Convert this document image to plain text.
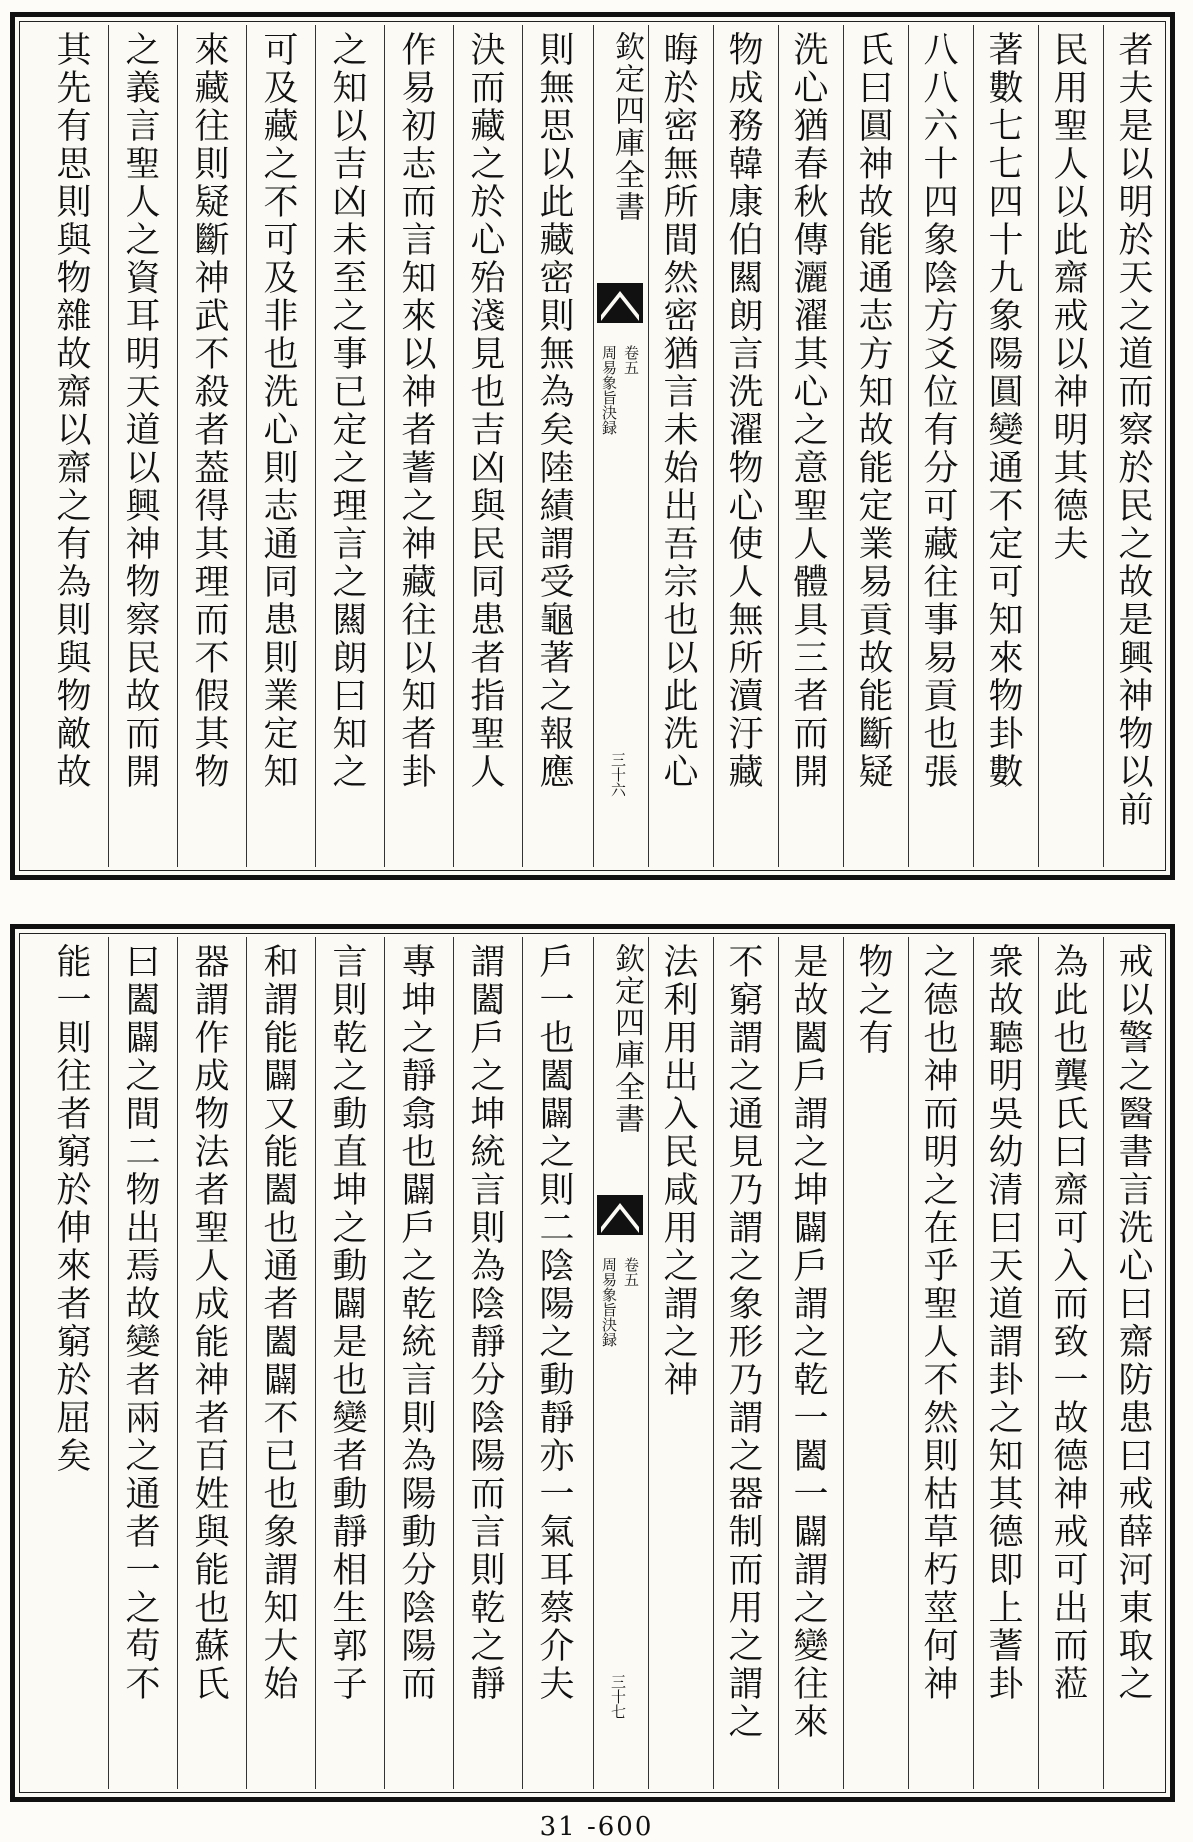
者夫是以明於天之道而察於民之故是興神物以前
民用聖人以此齋戒以神明其德夫
著數七七四十九象陽圓變通不定可知來物卦數
八八六十四象陰方爻位有分可藏往事易貢也張
氏曰圓神故能通志方知故能定業易貢故能斷疑
洗心猶春秋傳灑濯其心之意聖人體具三者而開
物成務韓康伯闗朗言洗濯物心使人無所瀆汙藏
晦於密無所間然密猶言未始出吾宗也以此洗心
欽定四庫全書
周易象旨決録 卷五
三十六
則無思以此藏密則無為矣陸績謂受龜著之報應
決而藏之於心殆淺見也吉凶與民同患者指聖人
作易初志而言知來以神者蓍之神藏往以知者卦
之知以吉凶未至之事已定之理言之闗朗曰知之
可及藏之不可及非也洗心則志通同患則業定知
來藏往則疑斷神武不殺者葢得其理而不假其物
之義言聖人之資耳明天道以興神物察民故而開
其先有思則與物雜故齋以齋之有為則與物敵故
戒以警之醫書言洗心曰齋防患曰戒薛河東取之
為此也龔氏曰齋可入而致一故德神戒可出而蒞
衆故聽明吳幼清曰天道謂卦之知其德即上蓍卦
之德也神而明之在乎聖人不然則枯草朽莖何神
物之有
是故闔戶謂之坤闢戶謂之乾一闔一闢謂之變往來
不窮謂之通見乃謂之象形乃謂之器制而用之謂之
法利用出入民咸用之謂之神
欽定四庫全書
周易象旨決録 卷五
三十七
戶一也闔闢之則二陰陽之動靜亦一氣耳蔡介夫
謂闔戶之坤統言則為陰靜分陰陽而言則乾之靜
專坤之靜翕也闢戶之乾統言則為陽動分陰陽而
言則乾之動直坤之動闢是也變者動靜相生郭子
和謂能闢又能闔也通者闔闢不已也象謂知大始
器謂作成物法者聖人成能神者百姓與能也蘇氏
曰闔闢之間二物出焉故變者兩之通者一之苟不
能一則往者窮於伸來者窮於屈矣
31 -600
